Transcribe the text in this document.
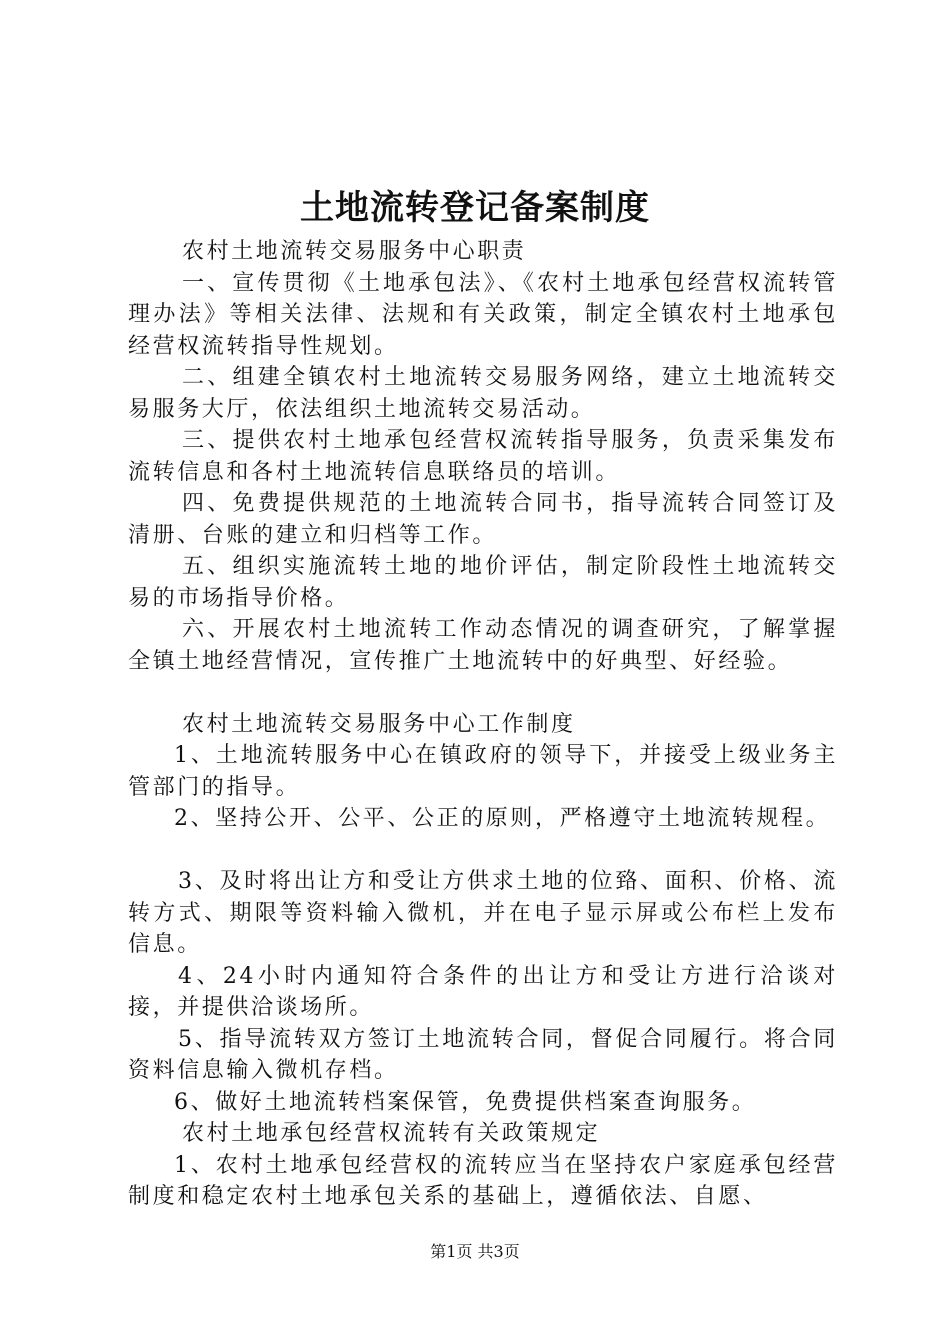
土地流转登记备案制度

农村土地流转交易服务中心职责

一、宣传贯彻《土地承包法》、《农村土地承包经营权流转管理办法》等相关法律、法规和有关政策，制定全镇农村土地承包经营权流转指导性规划。

二、组建全镇农村土地流转交易服务网络，建立土地流转交易服务大厅，依法组织土地流转交易活动。

三、提供农村土地承包经营权流转指导服务，负责采集发布流转信息和各村土地流转信息联络员的培训。

四、免费提供规范的土地流转合同书，指导流转合同签订及清册、台账的建立和归档等工作。

五、组织实施流转土地的地价评估，制定阶段性土地流转交易的市场指导价格。

六、开展农村土地流转工作动态情况的调查研究，了解掌握全镇土地经营情况，宣传推广土地流转中的好典型、好经验。

农村土地流转交易服务中心工作制度

1、土地流转服务中心在镇政府的领导下，并接受上级业务主管部门的指导。

2、坚持公开、公平、公正的原则，严格遵守土地流转规程。

3、及时将出让方和受让方供求土地的位臵、面积、价格、流转方式、期限等资料输入微机，并在电子显示屏或公布栏上发布信息。

4、24小时内通知符合条件的出让方和受让方进行洽谈对接，并提供洽谈场所。

5、指导流转双方签订土地流转合同，督促合同履行。将合同资料信息输入微机存档。

6、做好土地流转档案保管，免费提供档案查询服务。

农村土地承包经营权流转有关政策规定

1、农村土地承包经营权的流转应当在坚持农户家庭承包经营制度和稳定农村土地承包关系的基础上，遵循依法、自愿、

第1页 共3页
